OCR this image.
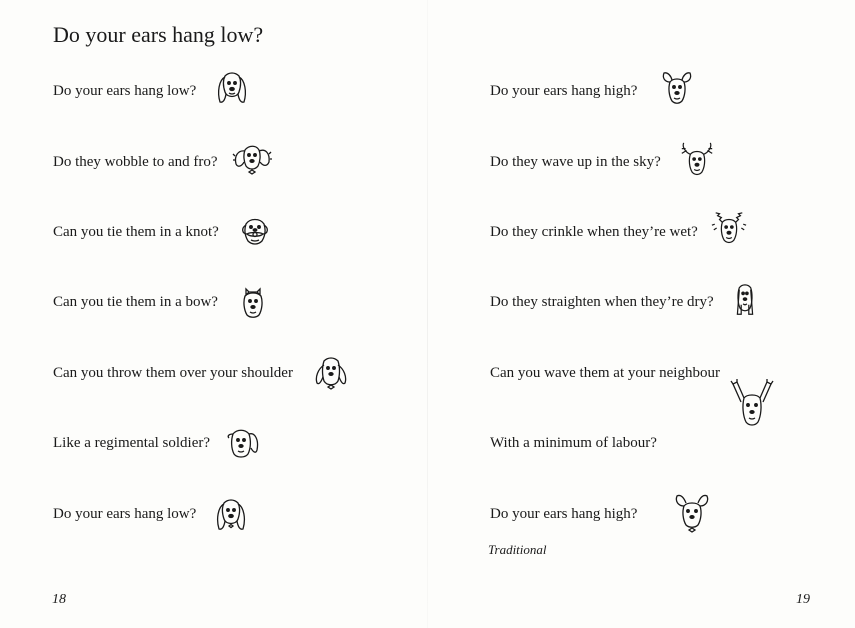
Do your ears hang low?
Do your ears hang low?
Do they wobble to and fro?
Can you tie them in a knot?
Can you tie them in a bow?
Can you throw them over your shoulder
Like a regimental soldier?
Do your ears hang low?
Do your ears hang high?
Do they wave up in the sky?
Do they crinkle when they’re wet?
Do they straighten when they’re dry?
Can you wave them at your neighbour
With a minimum of labour?
Do your ears hang high?
Traditional
18	19
